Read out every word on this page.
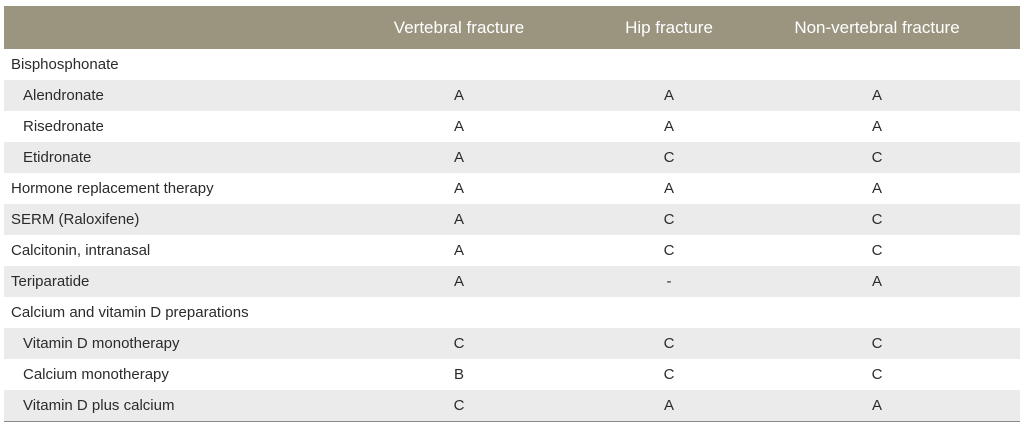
	Vertebral fracture	Hip fracture	Non-vertebral fracture
Bisphosphonate			
Alendronate	A	A	A
Risedronate	A	A	A
Etidronate	A	C	C
Hormone replacement therapy	A	A	A
SERM (Raloxifene)	A	C	C
Calcitonin, intranasal	A	C	C
Teriparatide	A	-	A
Calcium and vitamin D preparations			
Vitamin D monotherapy	C	C	C
Calcium monotherapy	B	C	C
Vitamin D plus calcium	C	A	A
